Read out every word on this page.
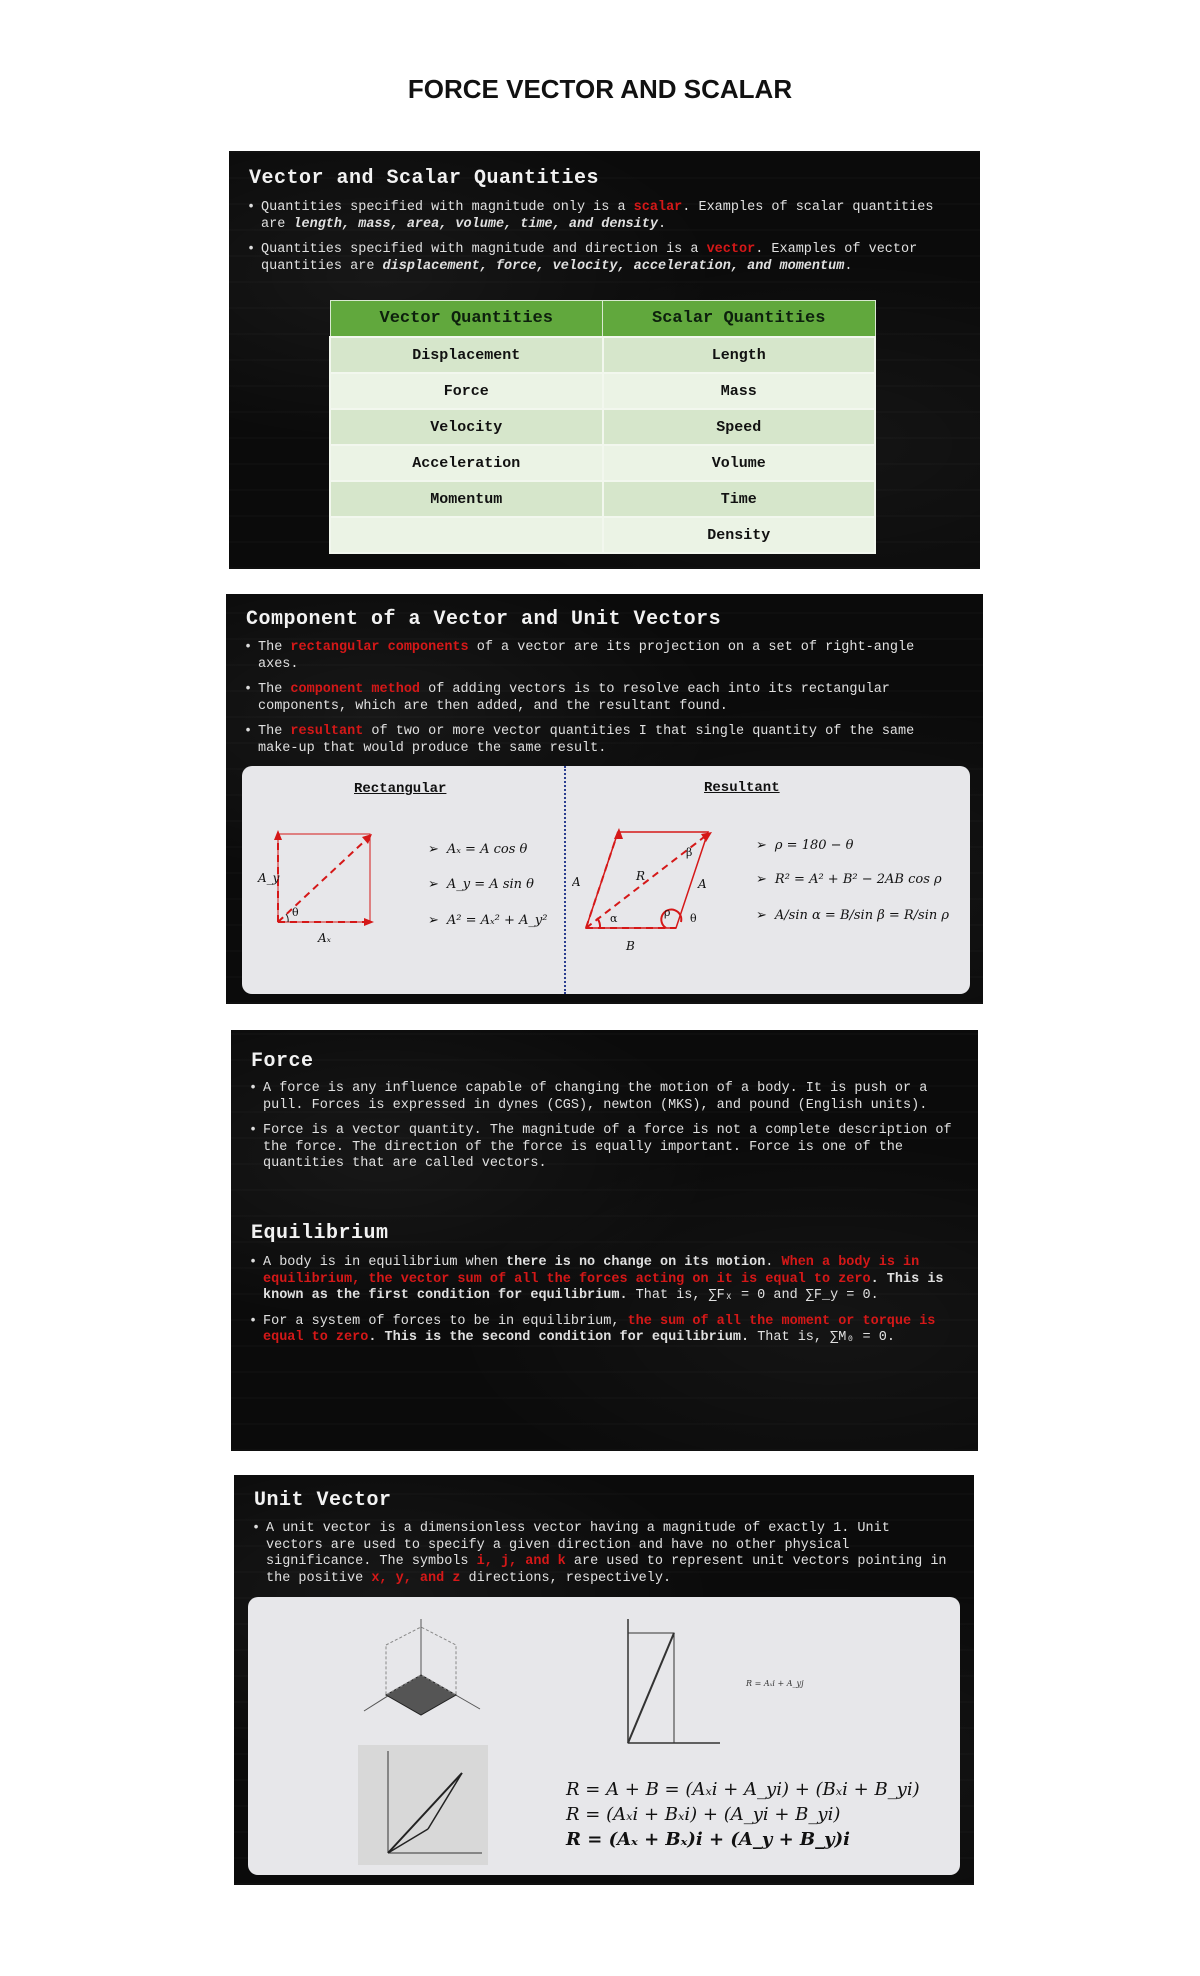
FORCE VECTOR AND SCALAR
Vector and Scalar Quantities
• Quantities specified with magnitude only is a scalar. Examples of scalar quantities are length, mass, area, volume, time, and density.
• Quantities specified with magnitude and direction is a vector. Examples of vector quantities are displacement, force, velocity, acceleration, and momentum.
Vector Quantities	Scalar Quantities
Displacement	Length
Force	Mass
Velocity	Speed
Acceleration	Volume
Momentum	Time
	Density
Component of a Vector and Unit Vectors
• The rectangular components of a vector are its projection on a set of right-angle axes.
• The component method of adding vectors is to resolve each into its rectangular components, which are then added, and the resultant found.
• The resultant of two or more vector quantities I that single quantity of the same make-up that would produce the same result.
Rectangular	Resultant
A_y
Aₓ
θ
➢ Aₓ = A cos θ
➢ A_y = A sin θ
➢ A² = Aₓ² + A_y²
A	R
A
B
α
β
ρ θ
➢ ρ = 180 − θ
➢ R² = A² + B² − 2AB cos ρ
➢ A/sin α = B/sin β = R/sin ρ
Force
• A force is any influence capable of changing the motion of a body. It is push or a pull. Forces is expressed in dynes (CGS), newton (MKS), and pound (English units).
• Force is a vector quantity. The magnitude of a force is not a complete description of the force. The direction of the force is equally important. Force is one of the quantities that are called vectors.
Equilibrium
• A body is in equilibrium when there is no change on its motion. When a body is in equilibrium, the vector sum of all the forces acting on it is equal to zero. This is known as the first condition for equilibrium. That is, ∑Fₓ = 0 and ∑F_y = 0.
• For a system of forces to be in equilibrium, the sum of all the moment or torque is equal to zero. This is the second condition for equilibrium. That is, ∑M₀ = 0.
Unit Vector
• A unit vector is a dimensionless vector having a magnitude of exactly 1. Unit vectors are used to specify a given direction and have no other physical significance. The symbols i, j, and k are used to represent unit vectors pointing in the positive x, y, and z directions, respectively.
R = Aₓi + A_yj
R = A + B = (Aₓi + A_yi) + (Bₓi + B_yi)
R = (Aₓi + Bₓi) + (A_yi + B_yi)
R = (Aₓ + Bₓ)i + (A_y + B_y)i
